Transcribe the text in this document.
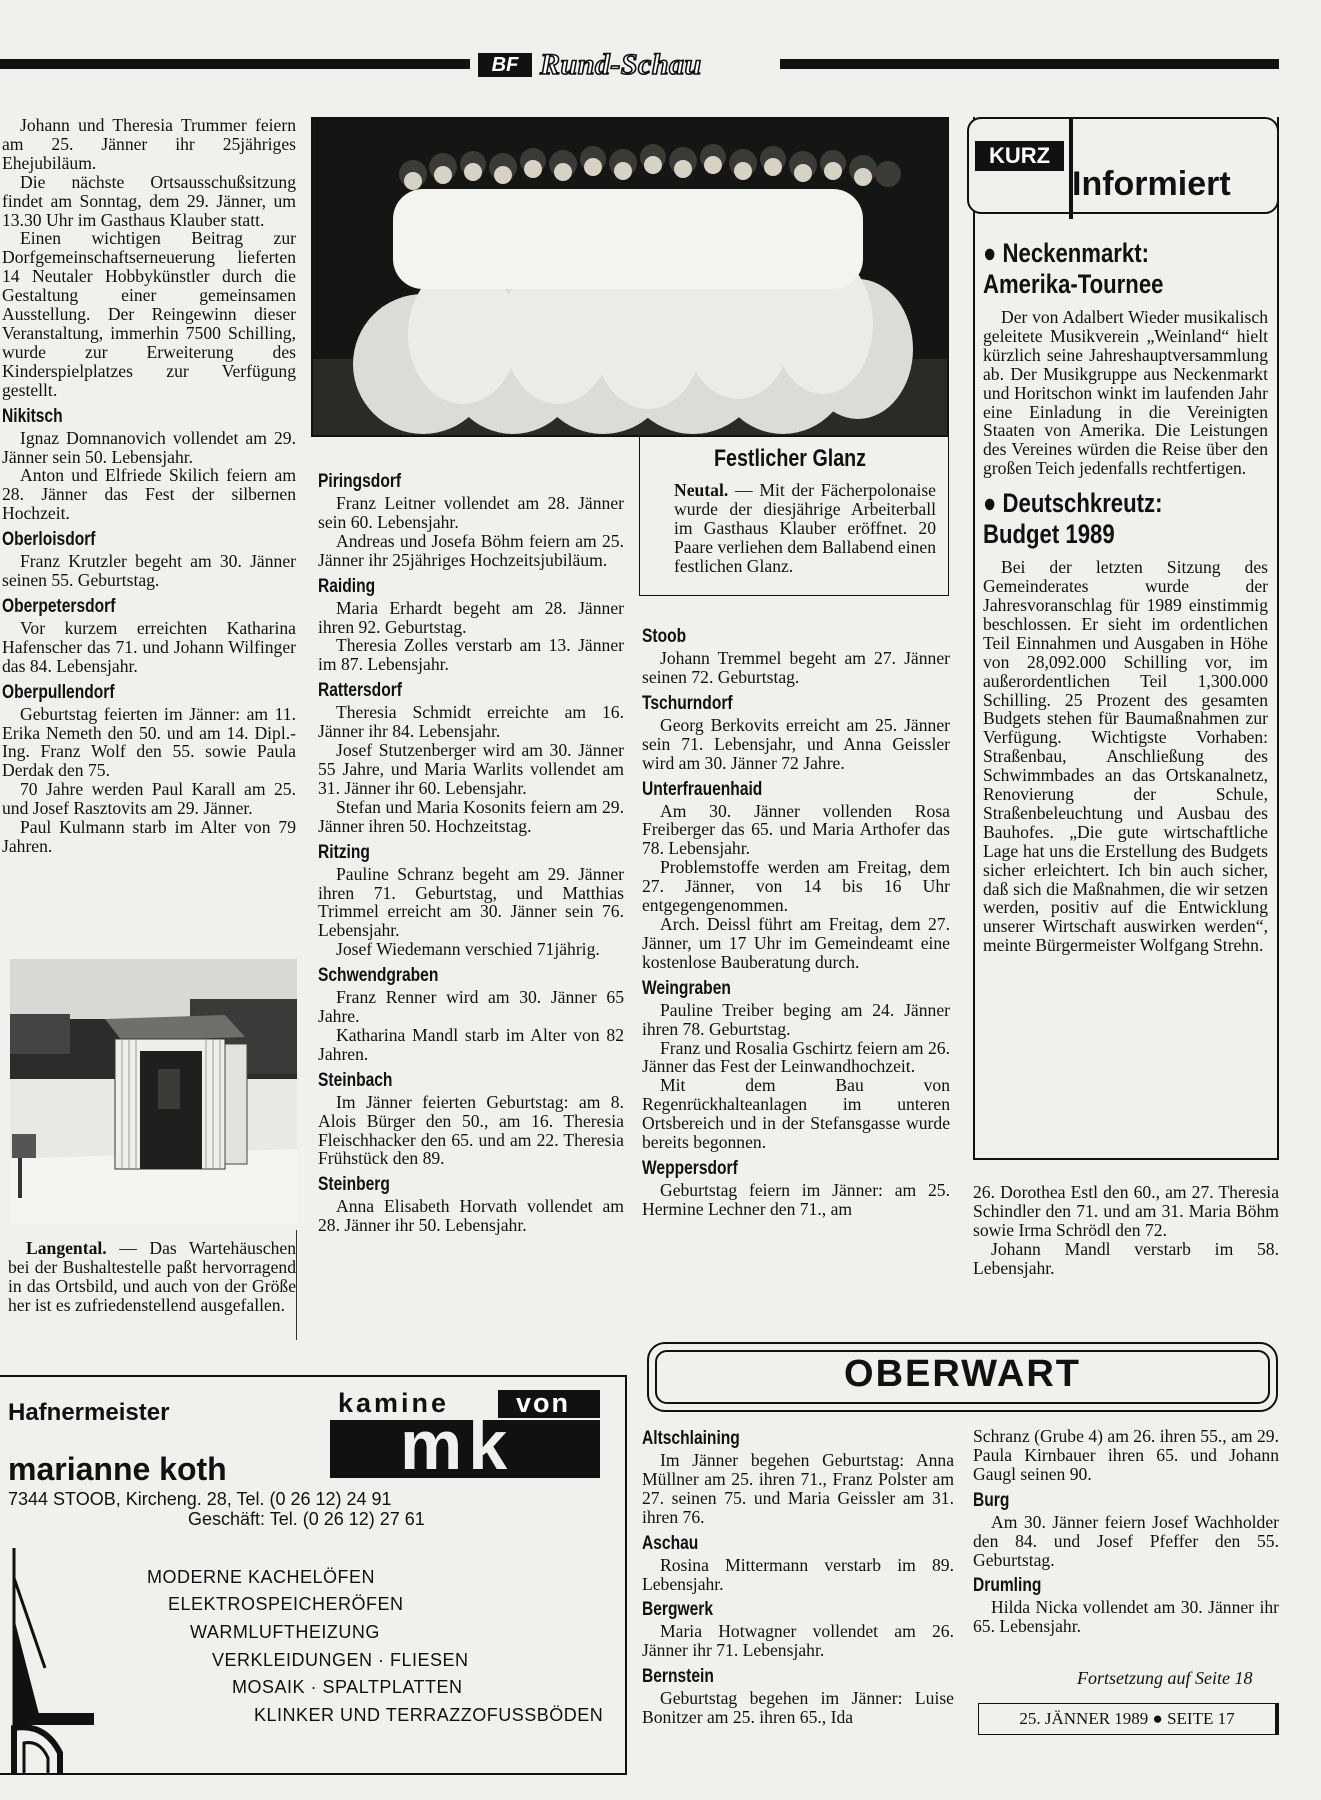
BF Rund-Schau

Johann und Theresia Trummer feiern am 25. Jänner ihr 25jähriges Ehejubiläum.

Die nächste Ortsausschußsitzung findet am Sonntag, dem 29. Jänner, um 13.30 Uhr im Gasthaus Klauber statt.

Einen wichtigen Beitrag zur Dorfgemeinschaftserneuerung lieferten 14 Neutaler Hobbykünstler durch die Gestaltung einer gemeinsamen Ausstellung. Der Reingewinn dieser Veranstaltung, immerhin 7500 Schilling, wurde zur Erweiterung des Kinderspielplatzes zur Verfügung gestellt.

Nikitsch

Ignaz Domnanovich vollendet am 29. Jänner sein 50. Lebensjahr.

Anton und Elfriede Skilich feiern am 28. Jänner das Fest der silbernen Hochzeit.

Oberloisdorf

Franz Krutzler begeht am 30. Jänner seinen 55. Geburtstag.

Oberpetersdorf

Vor kurzem erreichten Katharina Hafenscher das 71. und Johann Wilfinger das 84. Lebensjahr.

Oberpullendorf

Geburtstag feierten im Jänner: am 11. Erika Nemeth den 50. und am 14. Dipl.-Ing. Franz Wolf den 55. sowie Paula Derdak den 75.

70 Jahre werden Paul Karall am 25. und Josef Rasztovits am 29. Jänner.

Paul Kulmann starb im Alter von 79 Jahren.

Langental. — Das Wartehäuschen bei der Bushaltestelle paßt hervorragend in das Ortsbild, und auch von der Größe her ist es zufriedenstellend ausgefallen.

Festlicher Glanz

Neutal. — Mit der Fächerpolonaise wurde der diesjährige Arbeiterball im Gasthaus Klauber eröffnet. 20 Paare verliehen dem Ballabend einen festlichen Glanz.

Piringsdorf

Franz Leitner vollendet am 28. Jänner sein 60. Lebensjahr.

Andreas und Josefa Böhm feiern am 25. Jänner ihr 25jähriges Hochzeitsjubiläum.

Raiding

Maria Erhardt begeht am 28. Jänner ihren 92. Geburtstag.

Theresia Zolles verstarb am 13. Jänner im 87. Lebensjahr.

Rattersdorf

Theresia Schmidt erreichte am 16. Jänner ihr 84. Lebensjahr.

Josef Stutzenberger wird am 30. Jänner 55 Jahre, und Maria Warlits vollendet am 31. Jänner ihr 60. Lebensjahr.

Stefan und Maria Kosonits feiern am 29. Jänner ihren 50. Hochzeitstag.

Ritzing

Pauline Schranz begeht am 29. Jänner ihren 71. Geburtstag, und Matthias Trimmel erreicht am 30. Jänner sein 76. Lebensjahr.

Josef Wiedemann verschied 71jährig.

Schwendgraben

Franz Renner wird am 30. Jänner 65 Jahre.

Katharina Mandl starb im Alter von 82 Jahren.

Steinbach

Im Jänner feierten Geburtstag: am 8. Alois Bürger den 50., am 16. Theresia Fleischhacker den 65. und am 22. Theresia Frühstück den 89.

Steinberg

Anna Elisabeth Horvath vollendet am 28. Jänner ihr 50. Lebensjahr.

Stoob

Johann Tremmel begeht am 27. Jänner seinen 72. Geburtstag.

Tschurndorf

Georg Berkovits erreicht am 25. Jänner sein 71. Lebensjahr, und Anna Geissler wird am 30. Jänner 72 Jahre.

Unterfrauenhaid

Am 30. Jänner vollenden Rosa Freiberger das 65. und Maria Arthofer das 78. Lebensjahr.

Problemstoffe werden am Freitag, dem 27. Jänner, von 14 bis 16 Uhr entgegengenommen.

Arch. Deissl führt am Freitag, dem 27. Jänner, um 17 Uhr im Gemeindeamt eine kostenlose Bauberatung durch.

Weingraben

Pauline Treiber beging am 24. Jänner ihren 78. Geburtstag.

Franz und Rosalia Gschirtz feiern am 26. Jänner das Fest der Leinwandhochzeit.

Mit dem Bau von Regenrückhalteanlagen im unteren Ortsbereich und in der Stefansgasse wurde bereits begonnen.

Weppersdorf

Geburtstag feiern im Jänner: am 25. Hermine Lechner den 71., am

KURZ
Informiert
● Neckenmarkt:
Amerika-Tournee

Der von Adalbert Wieder musikalisch geleitete Musikverein „Weinland“ hielt kürzlich seine Jahreshauptversammlung ab. Der Musikgruppe aus Neckenmarkt und Horitschon winkt im laufenden Jahr eine Einladung in die Vereinigten Staaten von Amerika. Die Leistungen des Vereines würden die Reise über den großen Teich jedenfalls rechtfertigen.

● Deutschkreutz:
Budget 1989

Bei der letzten Sitzung des Gemeinderates wurde der Jahresvoranschlag für 1989 einstimmig beschlossen. Er sieht im ordentlichen Teil Einnahmen und Ausgaben in Höhe von 28,092.000 Schilling vor, im außerordentlichen Teil 1,300.000 Schilling. 25 Prozent des gesamten Budgets stehen für Baumaßnahmen zur Verfügung. Wichtigste Vorhaben: Straßenbau, Anschließung des Schwimmbades an das Ortskanalnetz, Renovierung der Schule, Straßenbeleuchtung und Ausbau des Bauhofes. „Die gute wirtschaftliche Lage hat uns die Erstellung des Budgets sicher erleichtert. Ich bin auch sicher, daß sich die Maßnahmen, die wir setzen werden, positiv auf die Entwicklung unserer Wirtschaft auswirken werden“, meinte Bürgermeister Wolfgang Strehn.

26. Dorothea Estl den 60., am 27. Theresia Schindler den 71. und am 31. Maria Böhm sowie Irma Schrödl den 72.

Johann Mandl verstarb im 58. Lebensjahr.

OBERWART
Altschlaining

Im Jänner begehen Geburtstag: Anna Müllner am 25. ihren 71., Franz Polster am 27. seinen 75. und Maria Geissler am 31. ihren 76.

Aschau

Rosina Mittermann verstarb im 89. Lebensjahr.

Bergwerk

Maria Hotwagner vollendet am 26. Jänner ihr 71. Lebensjahr.

Bernstein

Geburtstag begehen im Jänner: Luise Bonitzer am 25. ihren 65., Ida

Schranz (Grube 4) am 26. ihren 55., am 29. Paula Kirnbauer ihren 65. und Johann Gaugl seinen 90.

Burg

Am 30. Jänner feiern Josef Wachholder den 84. und Josef Pfeffer den 55. Geburtstag.

Drumling

Hilda Nicka vollendet am 30. Jänner ihr 65. Lebensjahr.

Fortsetzung auf Seite 18
25. JÄNNER 1989 ● SEITE 17
Hafnermeister
marianne koth
kamine von
mk
7344 STOOB, Kircheng. 28, Tel. (0 26 12) 24 91
Geschäft: Tel. (0 26 12) 27 61
MODERNE KACHELÖFEN
ELEKTROSPEICHERÖFEN
WARMLUFTHEIZUNG
VERKLEIDUNGEN · FLIESEN
MOSAIK · SPALTPLATTEN
KLINKER UND TERRAZZOFUSSBÖDEN
